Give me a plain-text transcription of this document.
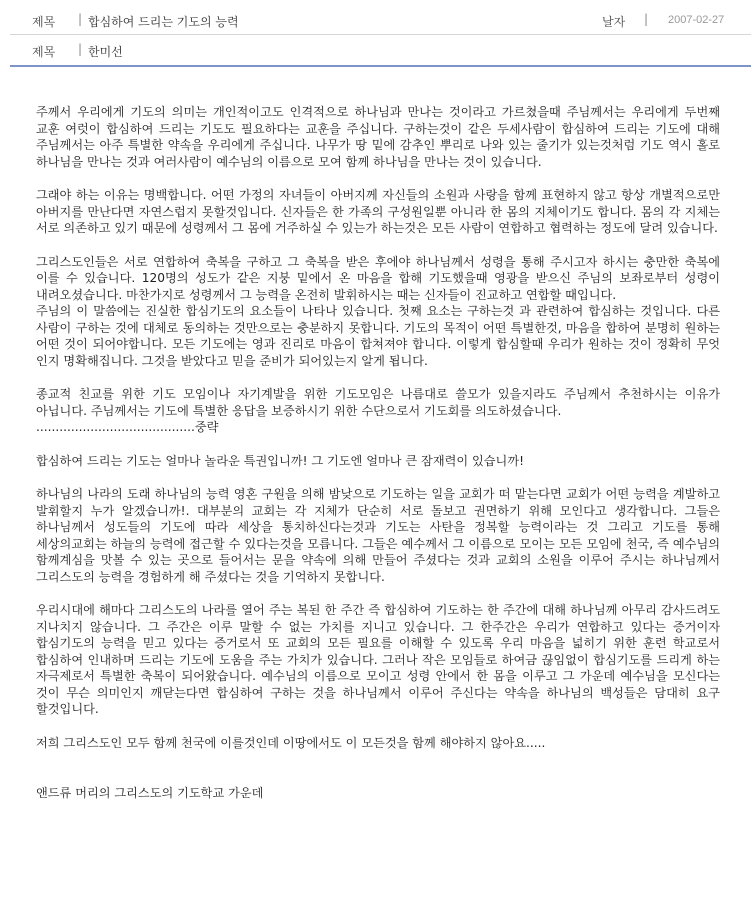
제목 | 합심하여 드리는 기도의 능력	날자 | 2007-02-27
제목 | 한미선

주께서 우리에게 기도의 의미는 개인적이고도 인격적으로 하나님과 만나는 것이라고 가르쳤을때 주님께서는 우리에게 두번째 교훈 여럿이 합심하여 드리는 기도도 필요하다는 교훈을 주십니다. 구하는것이 같은 두세사람이 합심하여 드리는 기도에 대해 주님께서는 아주 특별한 약속을 우리에게 주십니다. 나무가 땅 밑에 감추인 뿌리로 나와 있는 줄기가 있는것처럼 기도 역시 홀로 하나님을 만나는 것과 여러사람이 예수님의 이름으로 모여 함께 하나님을 만나는 것이 있습니다.

그래야 하는 이유는 명백합니다. 어떤 가정의 자녀들이 아버지께 자신들의 소원과 사랑을 함께 표현하지 않고 항상 개별적으로만 아버지를 만난다면 자연스럽지 못할것입니다. 신자들은 한 가족의 구성원일뿐 아니라 한 몸의 지체이기도 합니다. 몸의 각 지체는 서로 의존하고 있기 때문에 성령께서 그 몸에 거주하실 수 있는가 하는것은 모든 사람이 연합하고 협력하는 정도에 달려 있습니다.

그리스도인들은 서로 연합하여 축복을 구하고 그 축복을 받은 후에야 하나님께서 성령을 통해 주시고자 하시는 충만한 축복에 이를 수 있습니다. 120명의 성도가 같은 지붕 밑에서 온 마음을 합해 기도했을때 영광을 받으신 주님의 보좌로부터 성령이 내려오셨습니다. 마찬가지로 성령께서 그 능력을 온전히 발휘하시는 때는 신자들이 진교하고 연합할 때입니다.

주님의 이 말씀에는 진실한 합심기도의 요소들이 나타나 있습니다. 첫째 요소는 구하는것 과 관련하여 합심하는 것입니다. 다른 사람이 구하는 것에 대체로 동의하는 것만으로는 충분하지 못합니다. 기도의 목적이 어떤 특별한것, 마음을 합하여 분명히 원하는 어떤 것이 되어야합니다. 모든 기도에는 영과 진리로 마음이 합쳐져야 합니다. 이렇게 합심할때 우리가 원하는 것이 정확히 무엇 인지 명확해집니다. 그것을 받았다고 믿을 준비가 되어있는지 알게 됩니다.

종교적 친교를 위한 기도 모임이나 자기계발을 위한 기도모임은 나름대로 쓸모가 있을지라도 주님께서 추천하시는 이유가 아닙니다. 주님께서는 기도에 특별한 응답을 보증하시기 위한 수단으로서 기도회를 의도하셨습니다.

.........................................중략

합심하여 드리는 기도는 얼마나 놀라운 특권입니까! 그 기도엔 얼마나 큰 잠재력이 있습니까!

하나님의 나라의 도래 하나님의 능력 영혼 구원을 의해 밤낮으로 기도하는 일을 교회가 떠 맡는다면 교회가 어떤 능력을 계발하고 발휘할지 누가 알겠습니까!. 대부분의 교회는 각 지체가 단순히 서로 돌보고 권면하기 위해 모인다고 생각합니다. 그들은 하나님께서 성도들의 기도에 따라 세상을 통치하신다는것과 기도는 사탄을 정복할 능력이라는 것 그리고 기도를 통해 세상의교회는 하늘의 능력에 접근할 수 있다는것을 모릅니다. 그들은 예수께서 그 이름으로 모이는 모든 모임에 천국, 즉 예수님의 함께계심을 맛볼 수 있는 곳으로 들어서는 문을 약속에 의해 만들어 주셨다는 것과 교회의 소원을 이루어 주시는 하나님께서 그리스도의 능력을 경험하게 해 주셨다는 것을 기억하지 못합니다.

우리시대에 해마다 그리스도의 나라를 열어 주는 복된 한 주간 즉 합심하여 기도하는 한 주간에 대해 하나님께 아무리 감사드려도 지나치지 않습니다. 그 주간은 이루 말할 수 없는 가치를 지니고 있습니다. 그 한주간은 우리가 연합하고 있다는 증거이자 합심기도의 능력을 믿고 있다는 증거로서 또 교회의 모든 필요를 이해할 수 있도록 우리 마음을 넓히기 위한 훈련 학교로서 합심하여 인내하며 드리는 기도에 도움을 주는 가치가 있습니다. 그러나 작은 모임들로 하여금 끊임없이 합심기도를 드리게 하는 자극제로서 특별한 축복이 되어왔습니다. 예수님의 이름으로 모이고 성령 안에서 한 몸을 이루고 그 가운데 예수님을 모신다는 것이 무슨 의미인지 깨닫는다면 합심하여 구하는 것을 하나님께서 이루어 주신다는 약속을 하나님의 백성들은 담대히 요구 할것입니다.

저희 그리스도인 모두 함께 천국에 이를것인데 이땅에서도 이 모든것을 함께 해야하지 않아요.....

앤드류 머리의 그리스도의 기도학교 가운데
